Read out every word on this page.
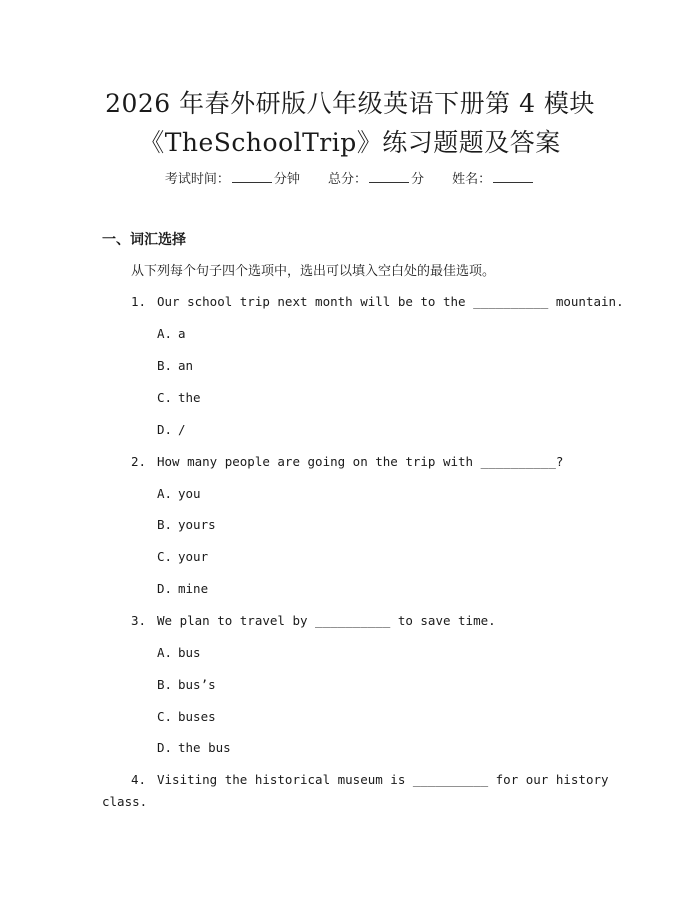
2026 年春外研版八年级英语下册第 4 模块
《TheSchoolTrip》练习题题及答案
考试时间：	分钟 总分：	分 姓名：
一、词汇选择
从下列每个句子四个选项中，选出可以填入空白处的最佳选项。
1. Our school trip next month will be to the __________ mountain.
A. a
B. an
C. the
D. /
2. How many people are going on the trip with __________?
A. you
B. yours
C. your
D. mine
3. We plan to travel by __________ to save time.
A. bus
B. bus’s
C. buses
D. the bus
4. Visiting the historical museum is __________ for our history
class.
